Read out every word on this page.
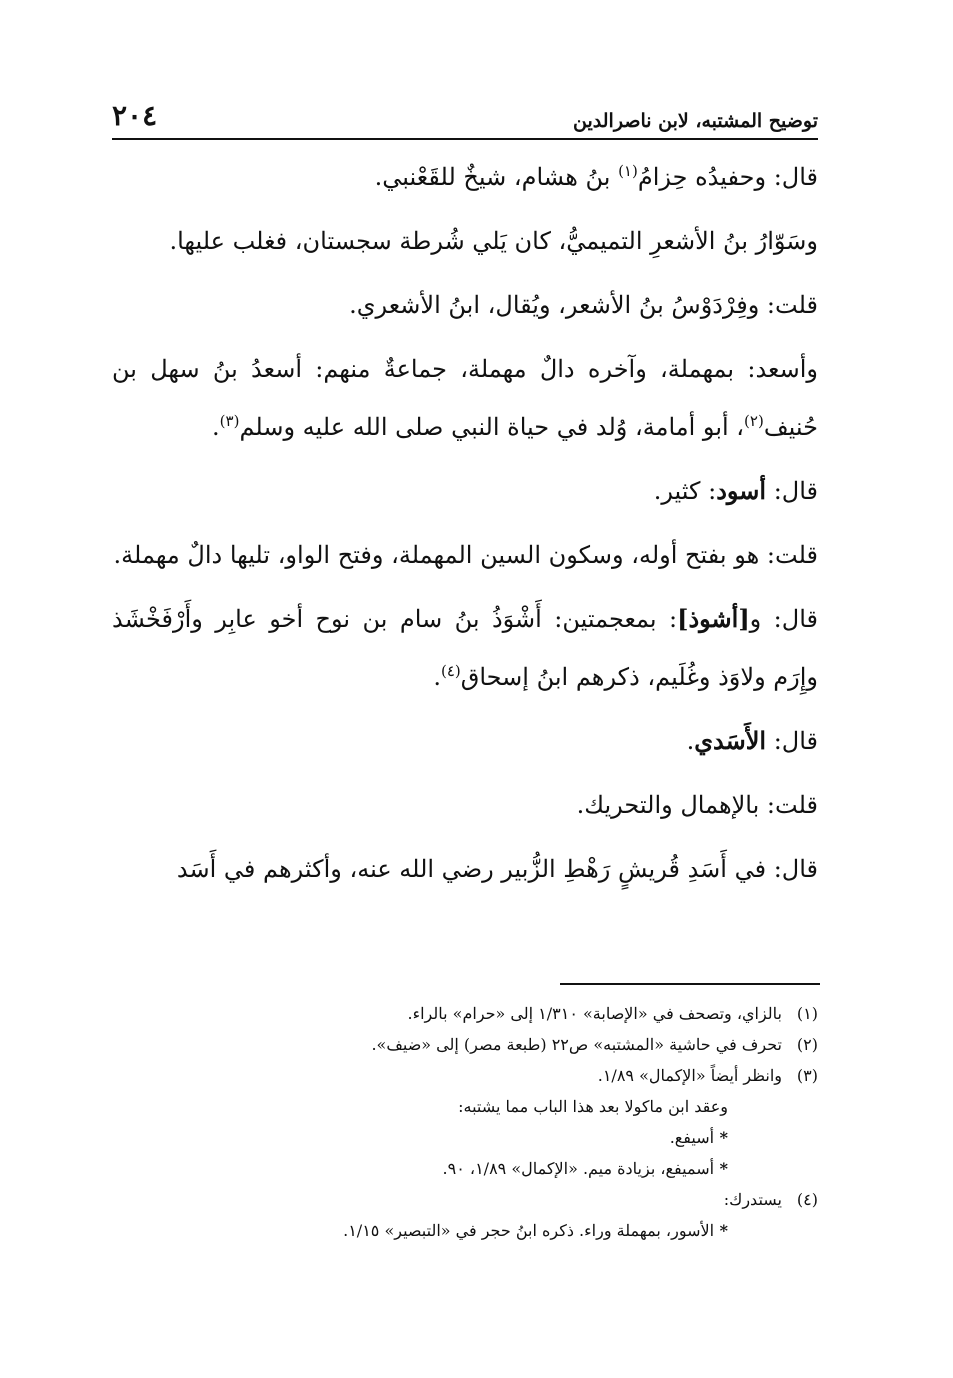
توضيح المشتبه، لابن ناصرالدين
٢٠٤

قال: وحفيدُه حِزامُ$^{(١)}$ بنُ هشام، شيخٌ للقَعْنبي.

وسَوّارُ بنُ الأشعرِ التميميُّ، كان يَلي شُرطة سجستان، فغلب عليها.

قلت: وفِرْدَوْسُ بنُ الأشعر، ويُقال، ابنُ الأشعري.

وأسعد: بمهملة، وآخره دالٌ مهملة، جماعةٌ منهم: أسعدُ بنُ سهل بن حُنيف$^{(٢)}$، أبو أمامة، وُلد في حياة النبي صلى الله عليه وسلم$^{(٣)}$.

قال: أسود: كثير.

قلت: هو بفتح أوله، وسكون السين المهملة، وفتح الواو، تليها دالٌ مهملة.

قال: و[أشوذ]: بمعجمتين: أَشْوَذُ بنُ سام بن نوح أخو عابِر وأَرْفَخْشَذ وإِرَم ولاوَذ وغُلَيم، ذكرهم ابنُ إسحاق$^{(٤)}$.

قال: الأَسَدي.

قلت: بالإهمال والتحريك.

قال: في أَسَدِ قُريشٍ رَهْطِ الزُّبير رضي الله عنه، وأكثرهم في أَسَد

(١)بالزاي، وتصحف في «الإصابة» ١/٣١٠ إلى «حرام» بالراء.

(٢)تحرف في حاشية «المشتبه» ص٢٢ (طبعة مصر) إلى «ضيف».

(٣)وانظر أيضاً «الإكمال» ١/٨٩.

وعقد ابن ماكولا بعد هذا الباب مما يشتبه:

* أسيفع.

* أسميفع، بزيادة ميم. «الإكمال» ١/٨٩، ٩٠.

(٤)يستدرك:

* الأسور، بمهملة وراء. ذكره ابنُ حجر في «التبصير» ١/١٥.
